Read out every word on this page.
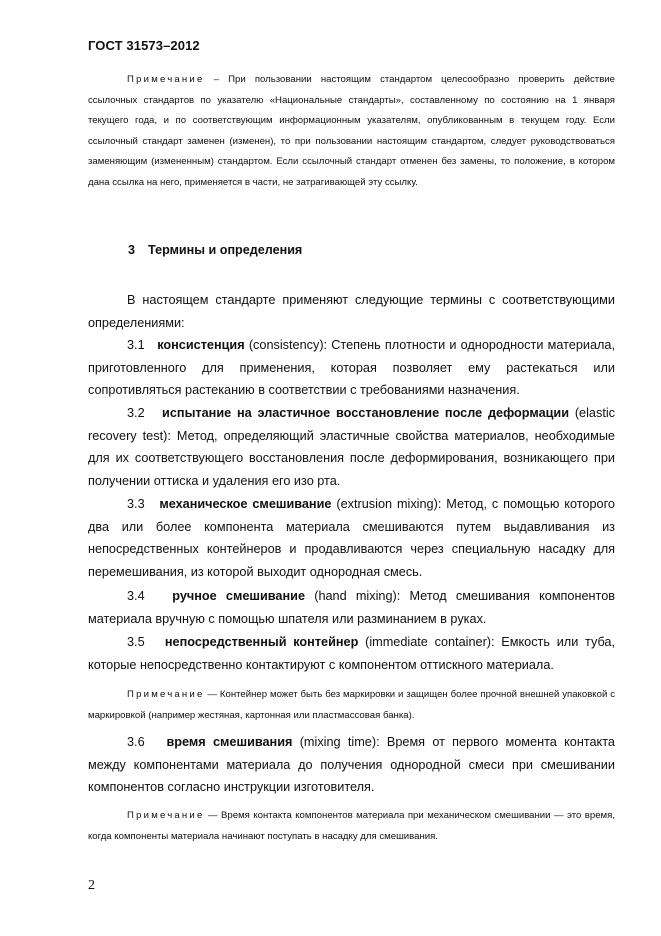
ГОСТ 31573–2012
Примечание – При пользовании настоящим стандартом целесообразно проверить действие ссылочных стандартов по указателю «Национальные стандарты», составленному по состоянию на 1 января текущего года, и по соответствующим информационным указателям, опубликованным в текущем году. Если ссылочный стандарт заменен (изменен), то при пользовании настоящим стандартом, следует руководствоваться заменяющим (измененным) стандартом. Если ссылочный стандарт отменен без замены, то положение, в котором дана ссылка на него, применяется в части, не затрагивающей эту ссылку.
3 Термины и определения
В настоящем стандарте применяют следующие термины с соответствующими определениями:
3.1 консистенция (consistency): Степень плотности и однородности материала, приготовленного для применения, которая позволяет ему растекаться или сопротивляться растеканию в соответствии с требованиями назначения.
3.2 испытание на эластичное восстановление после деформации (elastic recovery test): Метод, определяющий эластичные свойства материалов, необходимые для их соответствующего восстановления после деформирования, возникающего при получении оттиска и удаления его изо рта.
3.3 механическое смешивание (extrusion mixing): Метод, с помощью которого два или более компонента материала смешиваются путем выдавливания из непосредственных контейнеров и продавливаются через специальную насадку для перемешивания, из которой выходит однородная смесь.
3.4 ручное смешивание (hand mixing): Метод смешивания компонентов материала вручную с помощью шпателя или разминанием в руках.
3.5 непосредственный контейнер (immediate container): Емкость или туба, которые непосредственно контактируют с компонентом оттискного материала.
Примечание — Контейнер может быть без маркировки и защищен более прочной внешней упаковкой с маркировкой (например жестяная, картонная или пластмассовая банка).
3.6 время смешивания (mixing time): Время от первого момента контакта между компонентами материала до получения однородной смеси при смешивании компонентов согласно инструкции изготовителя.
Примечание — Время контакта компонентов материала при механическом смешивании — это время, когда компоненты материала начинают поступать в насадку для смешивания.
2
